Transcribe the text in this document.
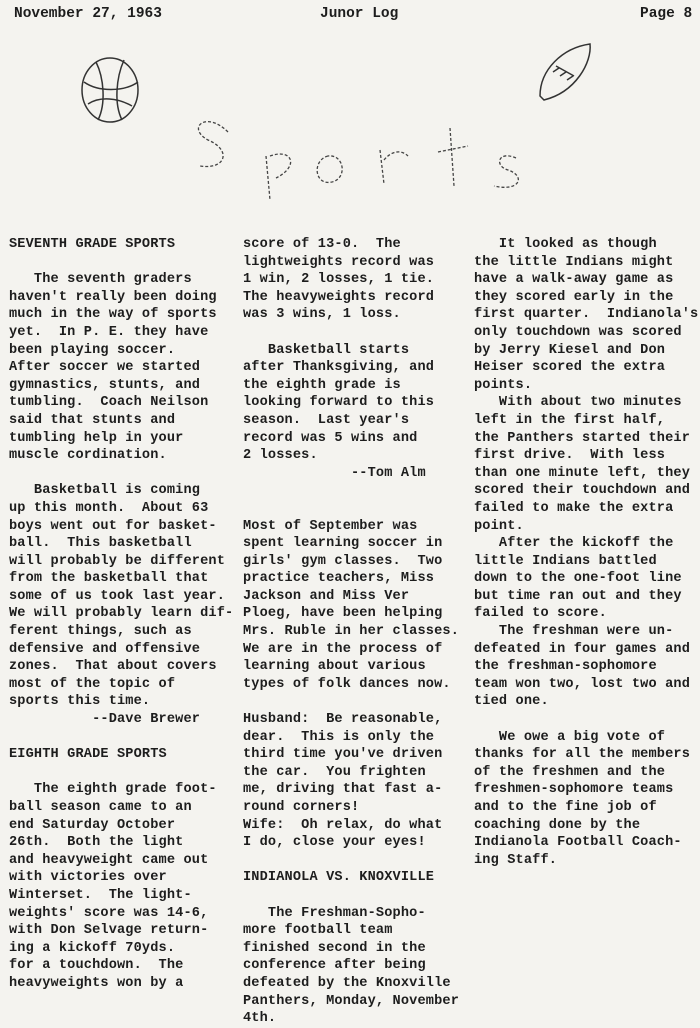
November 27, 1963	Junor Log	Page 8

SEVENTH GRADE SPORTS

The seventh graders

haven't really been doing

much in the way of sports

yet.  In P. E. they have

been playing soccer.

After soccer we started

gymnastics, stunts, and

tumbling.  Coach Neilson

said that stunts and

tumbling help in your

muscle cordination.

Basketball is coming

up this month.  About 63

boys went out for basket-

ball.  This basketball

will probably be different

from the basketball that

some of us took last year.

We will probably learn dif-

ferent things, such as

defensive and offensive

zones.  That about covers

most of the topic of

sports this time.

--Dave Brewer

EIGHTH GRADE SPORTS

The eighth grade foot-

ball season came to an

end Saturday October

26th.  Both the light

and heavyweight came out

with victories over

Winterset.  The light-

weights' score was 14-6,

with Don Selvage return-

ing a kickoff 70yds.

for a touchdown.  The

heavyweights won by a

score of 13-0.  The

lightweights record was

1 win, 2 losses, 1 tie.

The heavyweights record

was 3 wins, 1 loss.

Basketball starts

after Thanksgiving, and

the eighth grade is

looking forward to this

season.  Last year's

record was 5 wins and

2 losses.

--Tom Alm

Most of September was

spent learning soccer in

girls' gym classes.  Two

practice teachers, Miss

Jackson and Miss Ver

Ploeg, have been helping

Mrs. Ruble in her classes.

We are in the process of

learning about various

types of folk dances now.

Husband:  Be reasonable,

dear.  This is only the

third time you've driven

the car.  You frighten

me, driving that fast a-

round corners!

Wife:  Oh relax, do what

I do, close your eyes!

INDIANOLA VS. KNOXVILLE

The Freshman-Sopho-

more football team

finished second in the

conference after being

defeated by the Knoxville

Panthers, Monday, November

4th.

It looked as though

the little Indians might

have a walk-away game as

they scored early in the

first quarter.  Indianola's

only touchdown was scored

by Jerry Kiesel and Don

Heiser scored the extra

points.

With about two minutes

left in the first half,

the Panthers started their

first drive.  With less

than one minute left, they

scored their touchdown and

failed to make the extra

point.

After the kickoff the

little Indians battled

down to the one-foot line

but time ran out and they

failed to score.

The freshman were un-

defeated in four games and

the freshman-sophomore

team won two, lost two and

tied one.

We owe a big vote of

thanks for all the members

of the freshmen and the

freshmen-sophomore teams

and to the fine job of

coaching done by the

Indianola Football Coach-

ing Staff.
